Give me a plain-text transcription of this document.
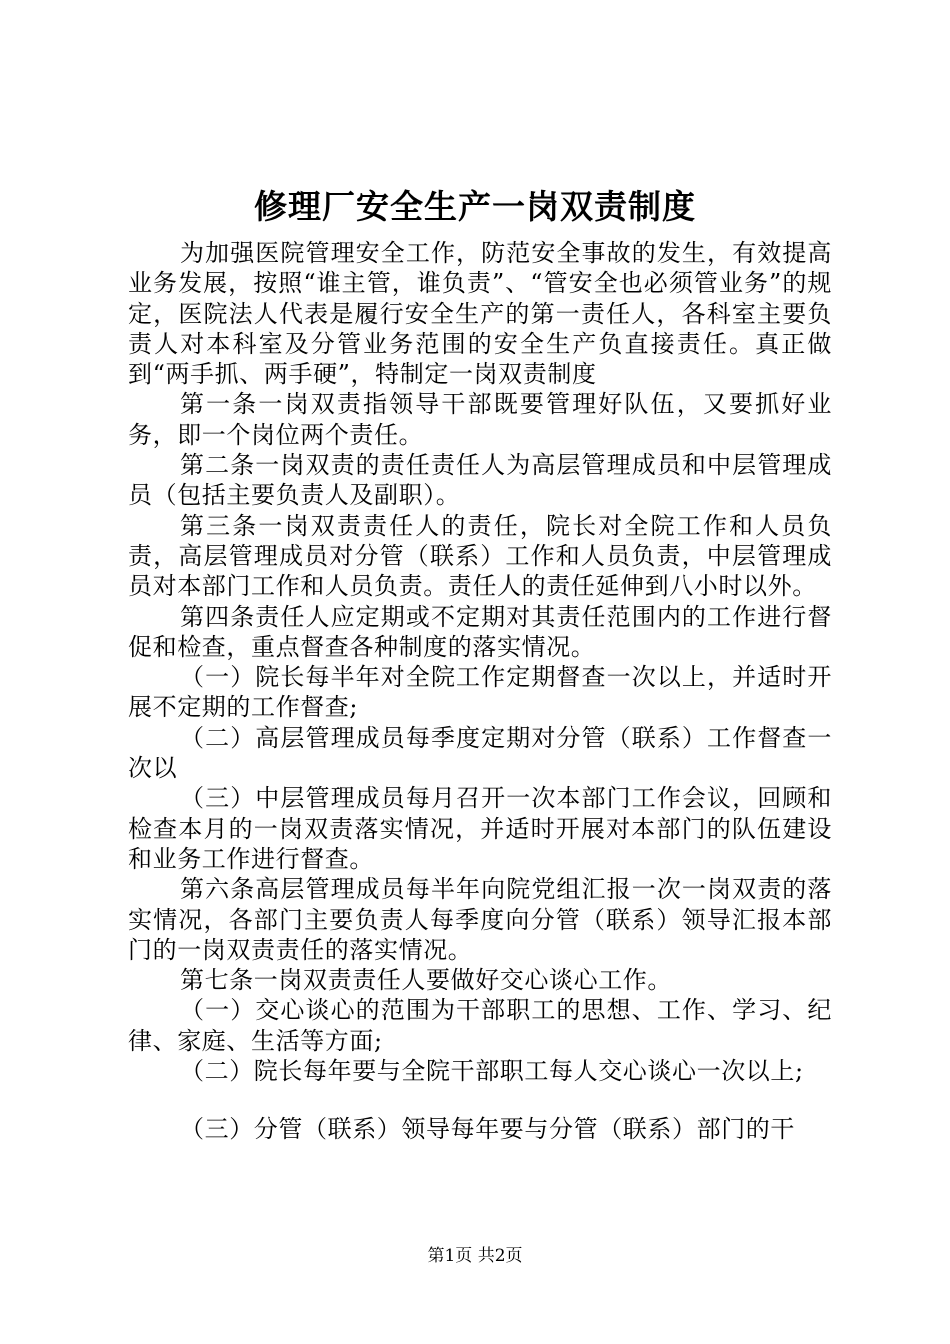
修理厂安全生产一岗双责制度

为加强医院管理安全工作，防范安全事故的发生，有效提高业务发展，按照“谁主管，谁负责”、“管安全也必须管业务”的规定，医院法人代表是履行安全生产的第一责任人，各科室主要负责人对本科室及分管业务范围的安全生产负直接责任。真正做到“两手抓、两手硬”，特制定一岗双责制度

第一条一岗双责指领导干部既要管理好队伍，又要抓好业务，即一个岗位两个责任。

第二条一岗双责的责任责任人为高层管理成员和中层管理成员（包括主要负责人及副职）。

第三条一岗双责责任人的责任，院长对全院工作和人员负责，高层管理成员对分管（联系）工作和人员负责，中层管理成员对本部门工作和人员负责。责任人的责任延伸到八小时以外。

第四条责任人应定期或不定期对其责任范围内的工作进行督促和检查，重点督查各种制度的落实情况。

（一）院长每半年对全院工作定期督查一次以上，并适时开展不定期的工作督查;

（二）高层管理成员每季度定期对分管（联系）工作督查一次以

（三）中层管理成员每月召开一次本部门工作会议，回顾和检查本月的一岗双责落实情况，并适时开展对本部门的队伍建设和业务工作进行督查。

第六条高层管理成员每半年向院党组汇报一次一岗双责的落实情况，各部门主要负责人每季度向分管（联系）领导汇报本部门的一岗双责责任的落实情况。

第七条一岗双责责任人要做好交心谈心工作。

（一）交心谈心的范围为干部职工的思想、工作、学习、纪律、家庭、生活等方面;

（二）院长每年要与全院干部职工每人交心谈心一次以上;

（三）分管（联系）领导每年要与分管（联系）部门的干

第1页 共2页
